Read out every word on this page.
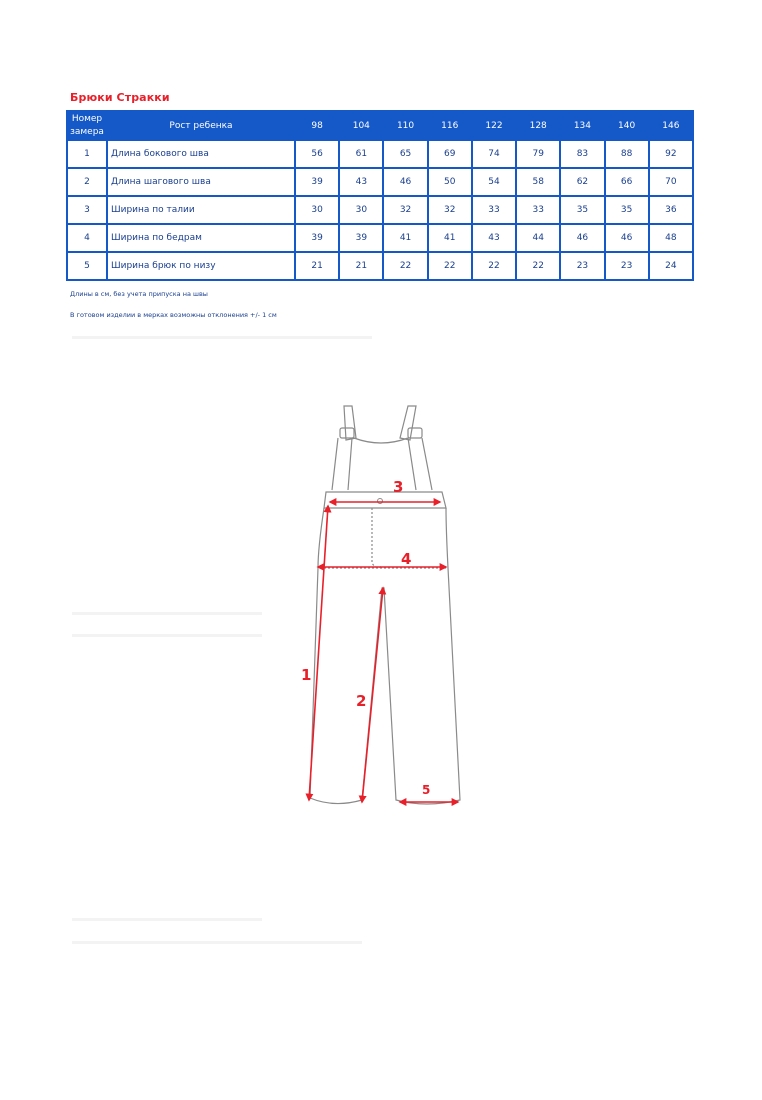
Брюки Стракки
Номер
замера	Рост ребенка	98	104	110	116	122	128	134	140	146
1	Длина бокового шва	56	61	65	69	74	79	83	88	92
2	Длина шагового шва	39	43	46	50	54	58	62	66	70
3	Ширина по талии	30	30	32	32	33	33	35	35	36
4	Ширина по бедрам	39	39	41	41	43	44	46	46	48
5	Ширина брюк по низу	21	21	22	22	22	22	23	23	24
Длины в см, без учета припуска на швы
В готовом изделии в мерках возможны отклонения +/- 1 см
3
4
1
2
5
